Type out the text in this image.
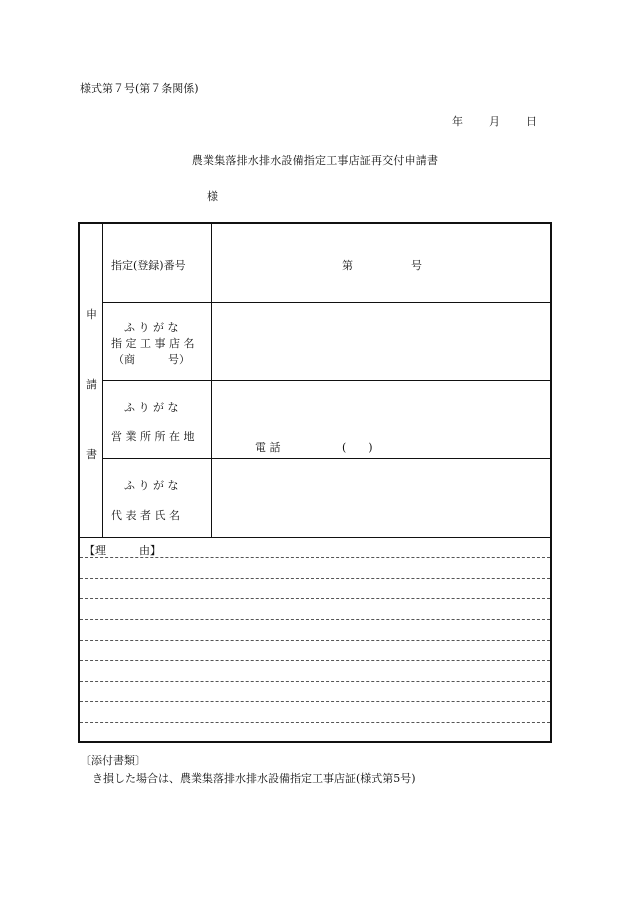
様式第７号(第７条関係)
年 月 日
農業集落排水排水設備指定工事店証再交付申請書
様
申
請
書
指定(登録)番号	第	号
ふ り が な
指 定 工 事 店 名
（商　　　号）
ふ り が な
営 業 所 所 在 地
電 話	(　　)
ふ り が な
代 表 者 氏 名
【理　　　由】
〔添付書類〕
き損した場合は、農業集落排水排水設備指定工事店証(様式第5号)
